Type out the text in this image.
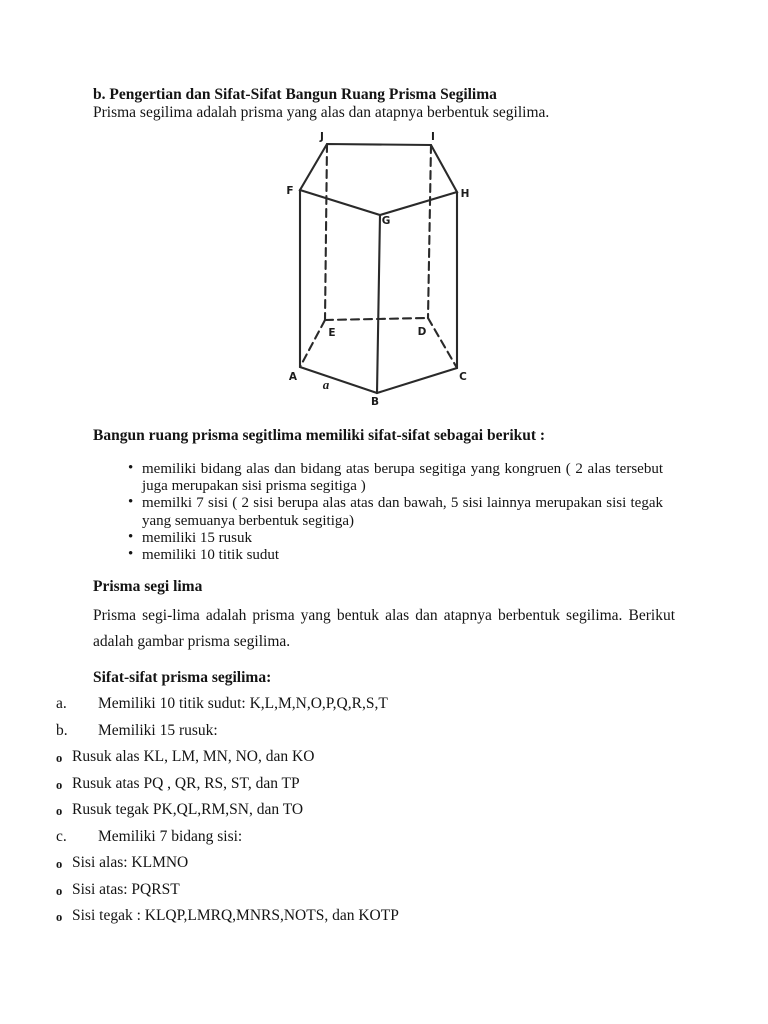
b. Pengertian dan Sifat-Sifat Bangun Ruang Prisma Segilima
Prisma segilima adalah prisma yang alas dan atapnya berbentuk segilima.
J	I
F	H
G
E	D
A	C
B
a
Bangun ruang prisma segitlima memiliki sifat-sifat sebagai berikut :
• memiliki bidang alas dan bidang atas berupa segitiga yang kongruen ( 2 alas tersebut juga merupakan sisi prisma segitiga )
• memilki 7 sisi ( 2 sisi berupa alas atas dan bawah, 5 sisi lainnya merupakan sisi tegak yang semuanya berbentuk segitiga)
• memiliki 15 rusuk
• memiliki 10 titik sudut
Prisma segi lima
Prisma segi-lima adalah prisma yang bentuk alas dan atapnya berbentuk segilima. Berikut adalah gambar prisma segilima.
Sifat-sifat prisma segilima:
a. Memiliki 10 titik sudut: K,L,M,N,O,P,Q,R,S,T
b. Memiliki 15 rusuk:
o Rusuk alas KL, LM, MN, NO, dan KO
o Rusuk atas PQ , QR, RS, ST, dan TP
o Rusuk tegak PK,QL,RM,SN, dan TO
c. Memiliki 7 bidang sisi:
o Sisi alas: KLMNO
o Sisi atas: PQRST
o Sisi tegak : KLQP,LMRQ,MNRS,NOTS, dan KOTP
